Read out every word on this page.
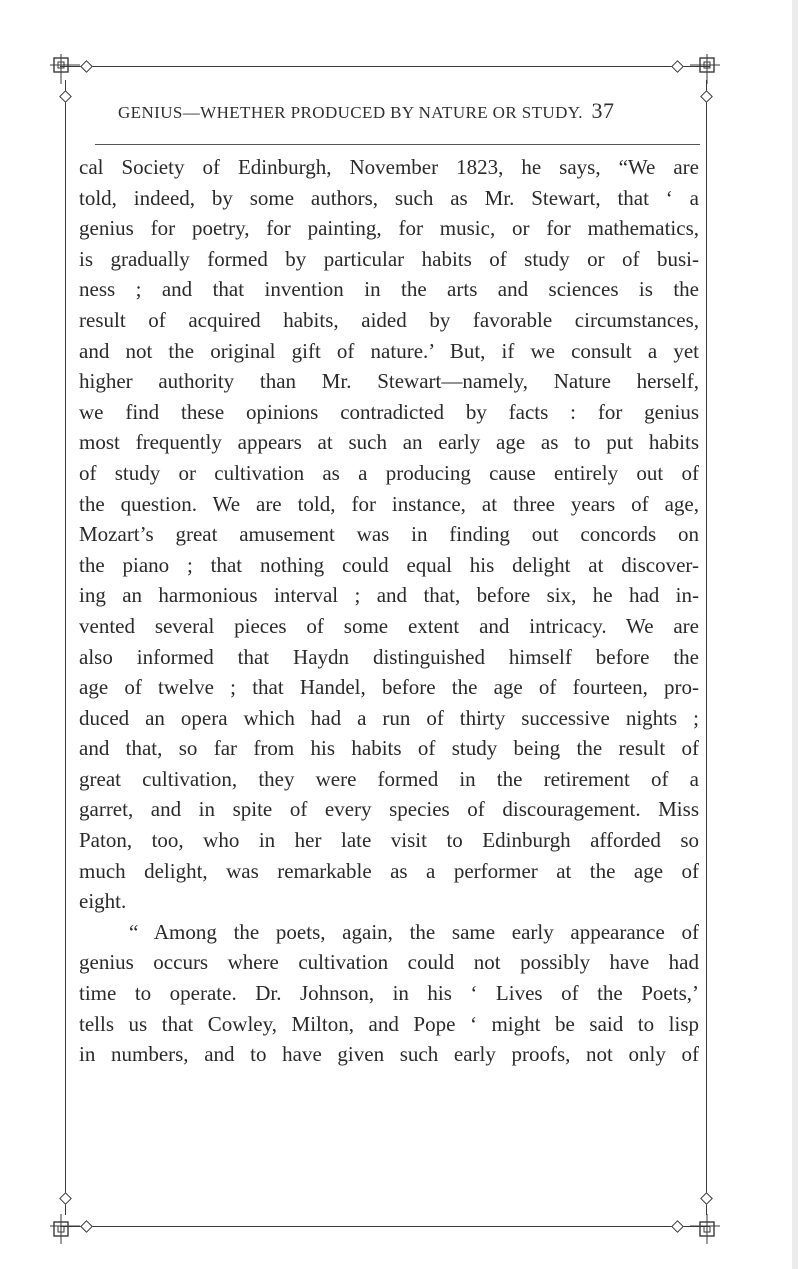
GENIUS—WHETHER PRODUCED BY NATURE OR STUDY. 37

cal Society of Edinburgh, November 1823, he says, “We are

told, indeed, by some authors, such as Mr. Stewart, that ‘ a

genius for poetry, for painting, for music, or for mathematics,

is gradually formed by particular habits of study or of busi-

ness ; and that invention in the arts and sciences is the

result of acquired habits, aided by favorable circumstances,

and not the original gift of nature.’ But, if we consult a yet

higher authority than Mr. Stewart—namely, Nature herself,

we find these opinions contradicted by facts : for genius

most frequently appears at such an early age as to put habits

of study or cultivation as a producing cause entirely out of

the question. We are told, for instance, at three years of age,

Mozart’s great amusement was in finding out concords on

the piano ; that nothing could equal his delight at discover-

ing an harmonious interval ; and that, before six, he had in-

vented several pieces of some extent and intricacy. We are

also informed that Haydn distinguished himself before the

age of twelve ; that Handel, before the age of fourteen, pro-

duced an opera which had a run of thirty successive nights ;

and that, so far from his habits of study being the result of

great cultivation, they were formed in the retirement of a

garret, and in spite of every species of discouragement. Miss

Paton, too, who in her late visit to Edinburgh afforded so

much delight, was remarkable as a performer at the age of

eight.

“ Among the poets, again, the same early appearance of

genius occurs where cultivation could not possibly have had

time to operate. Dr. Johnson, in his ‘ Lives of the Poets,’

tells us that Cowley, Milton, and Pope ‘ might be said to lisp

in numbers, and to have given such early proofs, not only of
